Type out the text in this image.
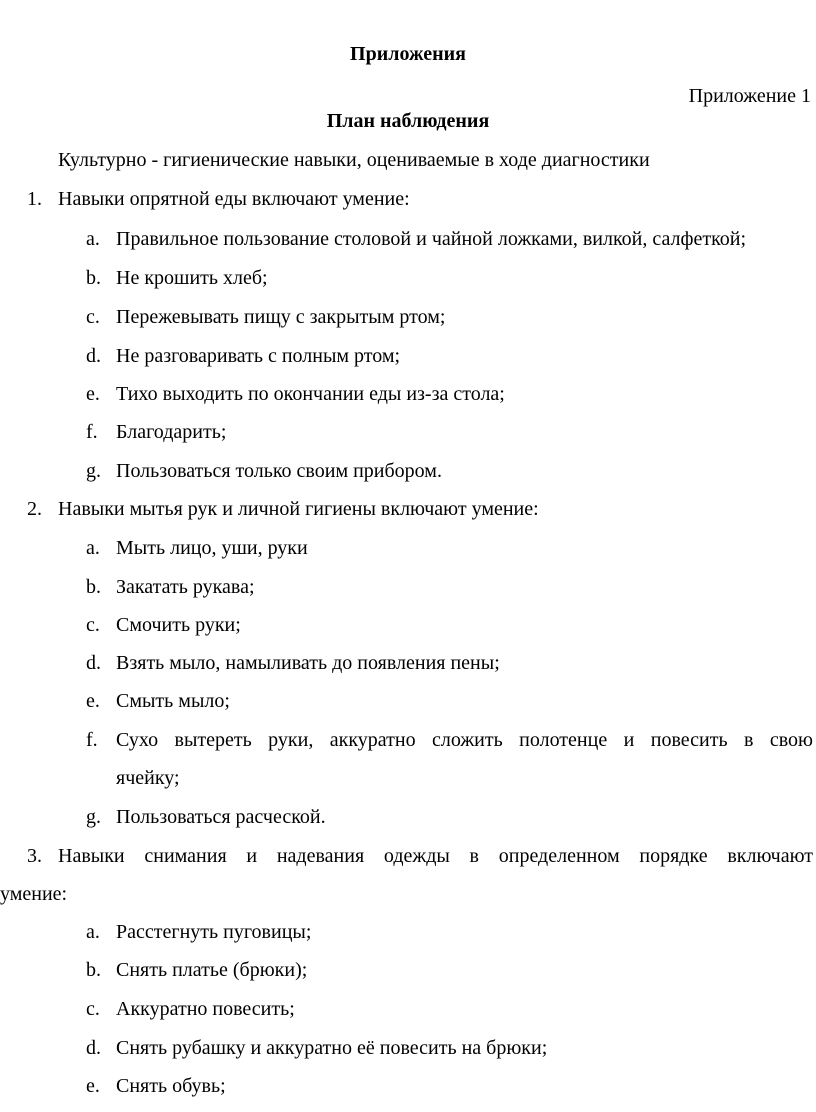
Приложения
Приложение 1
План наблюдения
Культурно - гигиенические навыки, оцениваемые в ходе диагностики
1. Навыки опрятной еды включают умение:
a. Правильное пользование столовой и чайной ложками, вилкой, салфеткой;
b. Не крошить хлеб;
c. Пережевывать пищу с закрытым ртом;
d. Не разговаривать с полным ртом;
e. Тихо выходить по окончании еды из-за стола;
f. Благодарить;
g. Пользоваться только своим прибором.
2. Навыки мытья рук и личной гигиены включают умение:
a. Мыть лицо, уши, руки
b. Закатать рукава;
c. Смочить руки;
d. Взять мыло, намыливать до появления пены;
e. Смыть мыло;
f. Сухо вытереть руки, аккуратно сложить полотенце и повесить в свою
ячейку;
g. Пользоваться расческой.
3. Навыки снимания и надевания одежды в определенном порядке включают
умение:
a. Расстегнуть пуговицы;
b. Снять платье (брюки);
c. Аккуратно повесить;
d. Снять рубашку и аккуратно её повесить на брюки;
e. Снять обувь;
